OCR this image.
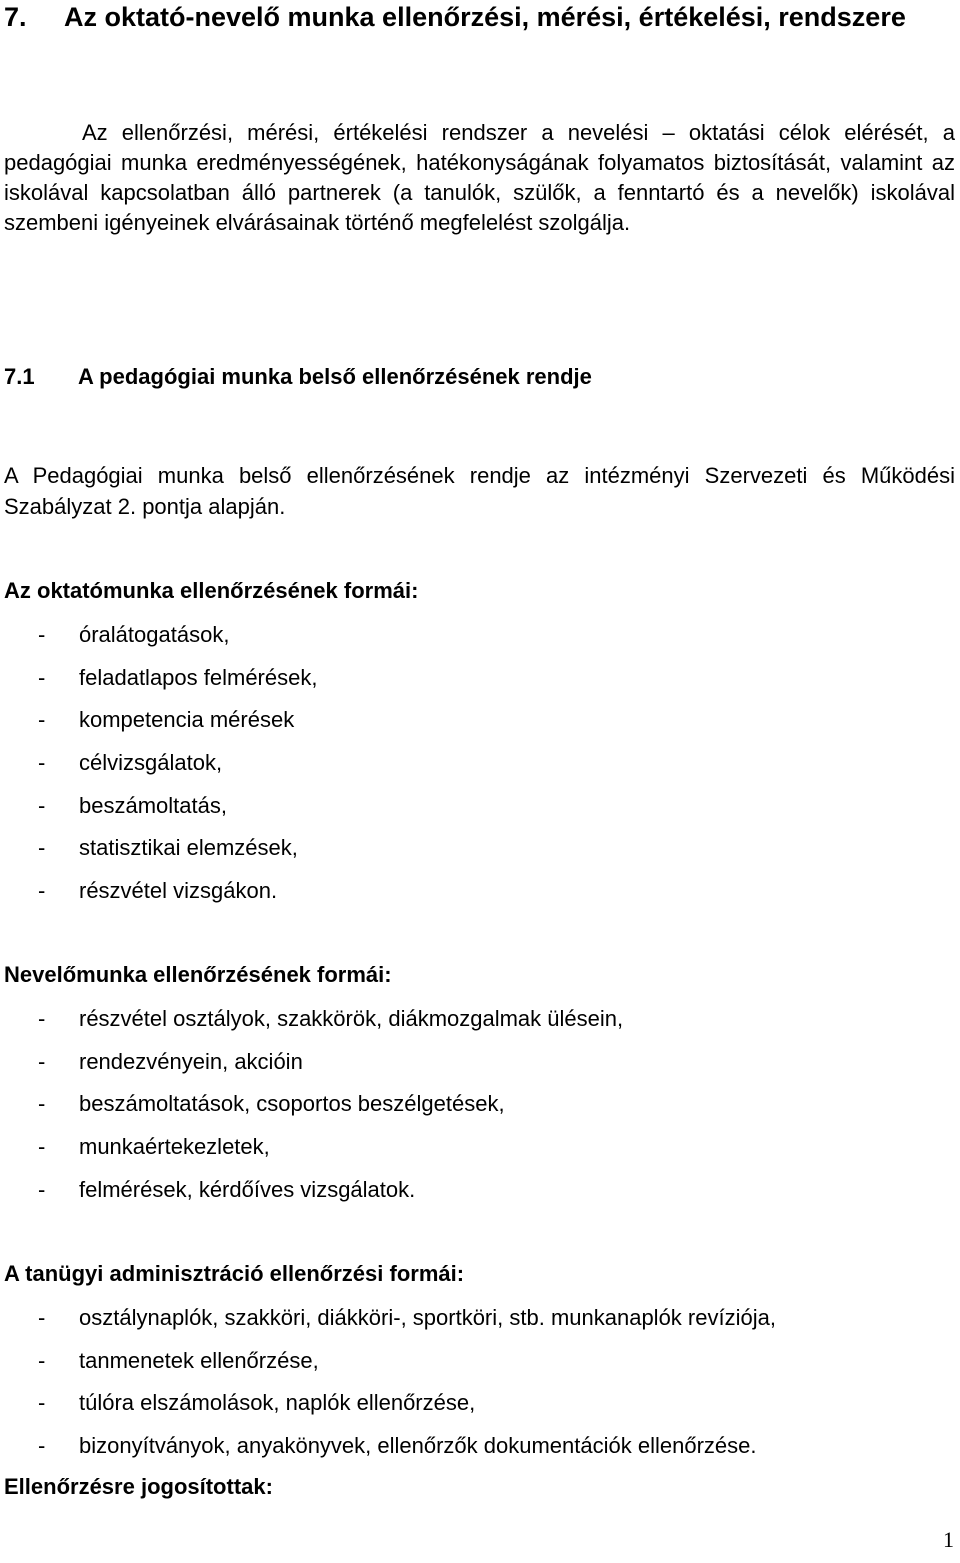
7. Az oktató-nevelő munka ellenőrzési, mérési, értékelési, rendszere

Az ellenőrzési, mérési, értékelési rendszer a nevelési – oktatási célok elérését, a pedagógiai munka eredményességének, hatékonyságának folyamatos biztosítását, valamint az iskolával kapcsolatban álló partnerek (a tanulók, szülők, a fenntartó és a nevelők) iskolával szembeni igényeinek elvárásainak történő megfelelést szolgálja.

7.1 A pedagógiai munka belső ellenőrzésének rendje

A Pedagógiai munka belső ellenőrzésének rendje az intézményi Szervezeti és Működési Szabályzat 2. pontja alapján.

Az oktatómunka ellenőrzésének formái:
- óralátogatások,
- feladatlapos felmérések,
- kompetencia mérések
- célvizsgálatok,
- beszámoltatás,
- statisztikai elemzések,
- részvétel vizsgákon.
Nevelőmunka ellenőrzésének formái:
- részvétel osztályok, szakkörök, diákmozgalmak ülésein,
- rendezvényein, akcióin
- beszámoltatások, csoportos beszélgetések,
- munkaértekezletek,
- felmérések, kérdőíves vizsgálatok.
A tanügyi adminisztráció ellenőrzési formái:
- osztálynaplók, szakköri, diákköri-, sportköri, stb. munkanaplók revíziója,
- tanmenetek ellenőrzése,
- túlóra elszámolások, naplók ellenőrzése,
- bizonyítványok, anyakönyvek, ellenőrzők dokumentációk ellenőrzése.
Ellenőrzésre jogosítottak:
1
